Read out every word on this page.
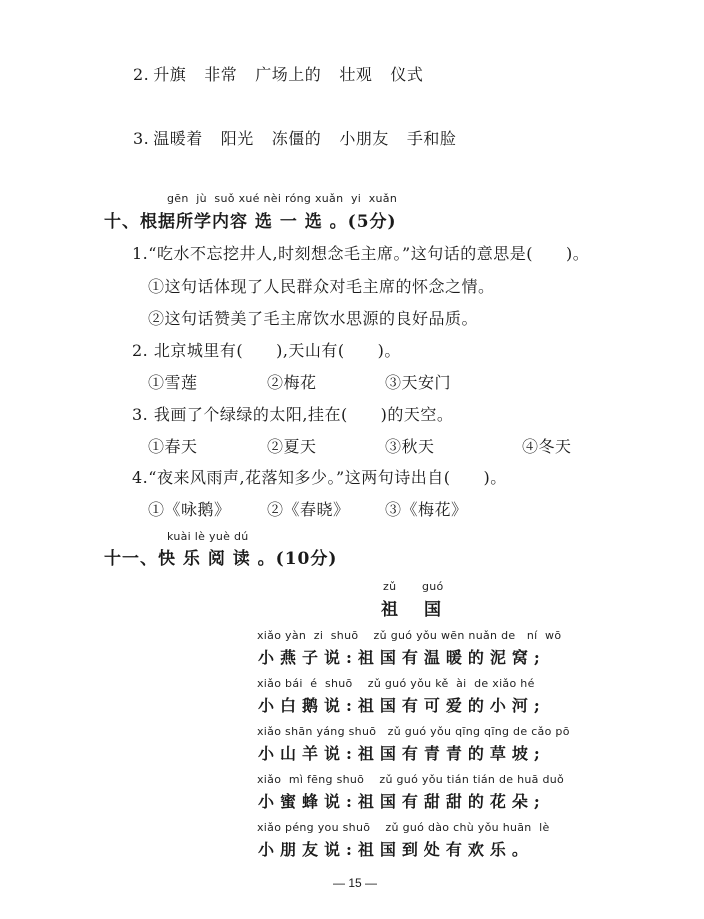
2. 升旗 非常 广场上的 壮观 仪式
3. 温暖着 阳光 冻僵的 小朋友 手和脸
gēn  jù  suǒ xué nèi róng xuǎn  yi  xuǎn
十、根据所学内容 选 一 选 。(5分)
1.“吃水不忘挖井人,时刻想念毛主席。”这句话的意思是(　　)。
①这句话体现了人民群众对毛主席的怀念之情。
②这句话赞美了毛主席饮水思源的良好品质。
2. 北京城里有(　　),天山有(　　)。
①雪莲	②梅花	③天安门
3. 我画了个绿绿的太阳,挂在(　　)的天空。
①春天	②夏天	③秋天	④冬天
4.“夜来风雨声,花落知多少。”这两句诗出自(　　)。
①《咏鹅》 ②《春晓》 ③《梅花》
kuài lè yuè dú
十一、快 乐 阅 读 。(10分)
zǔ guó
祖国
xiǎo yàn  zi  shuō    zǔ guó yǒu wēn nuǎn de   ní  wō
小燕子说:祖国有温暖的泥窝;
xiǎo bái  é  shuō    zǔ guó yǒu kě  ài  de xiǎo hé
小白鹅说:祖国有可爱的小河;
xiǎo shān yáng shuō   zǔ guó yǒu qīng qīng de cǎo pō
小山羊说:祖国有青青的草坡;
xiǎo  mì fēng shuō    zǔ guó yǒu tián tián de huā duǒ
小蜜蜂说:祖国有甜甜的花朵;
xiǎo péng you shuō    zǔ guó dào chù yǒu huān  lè
小朋友说:祖国到处有欢乐。
— 15 —
